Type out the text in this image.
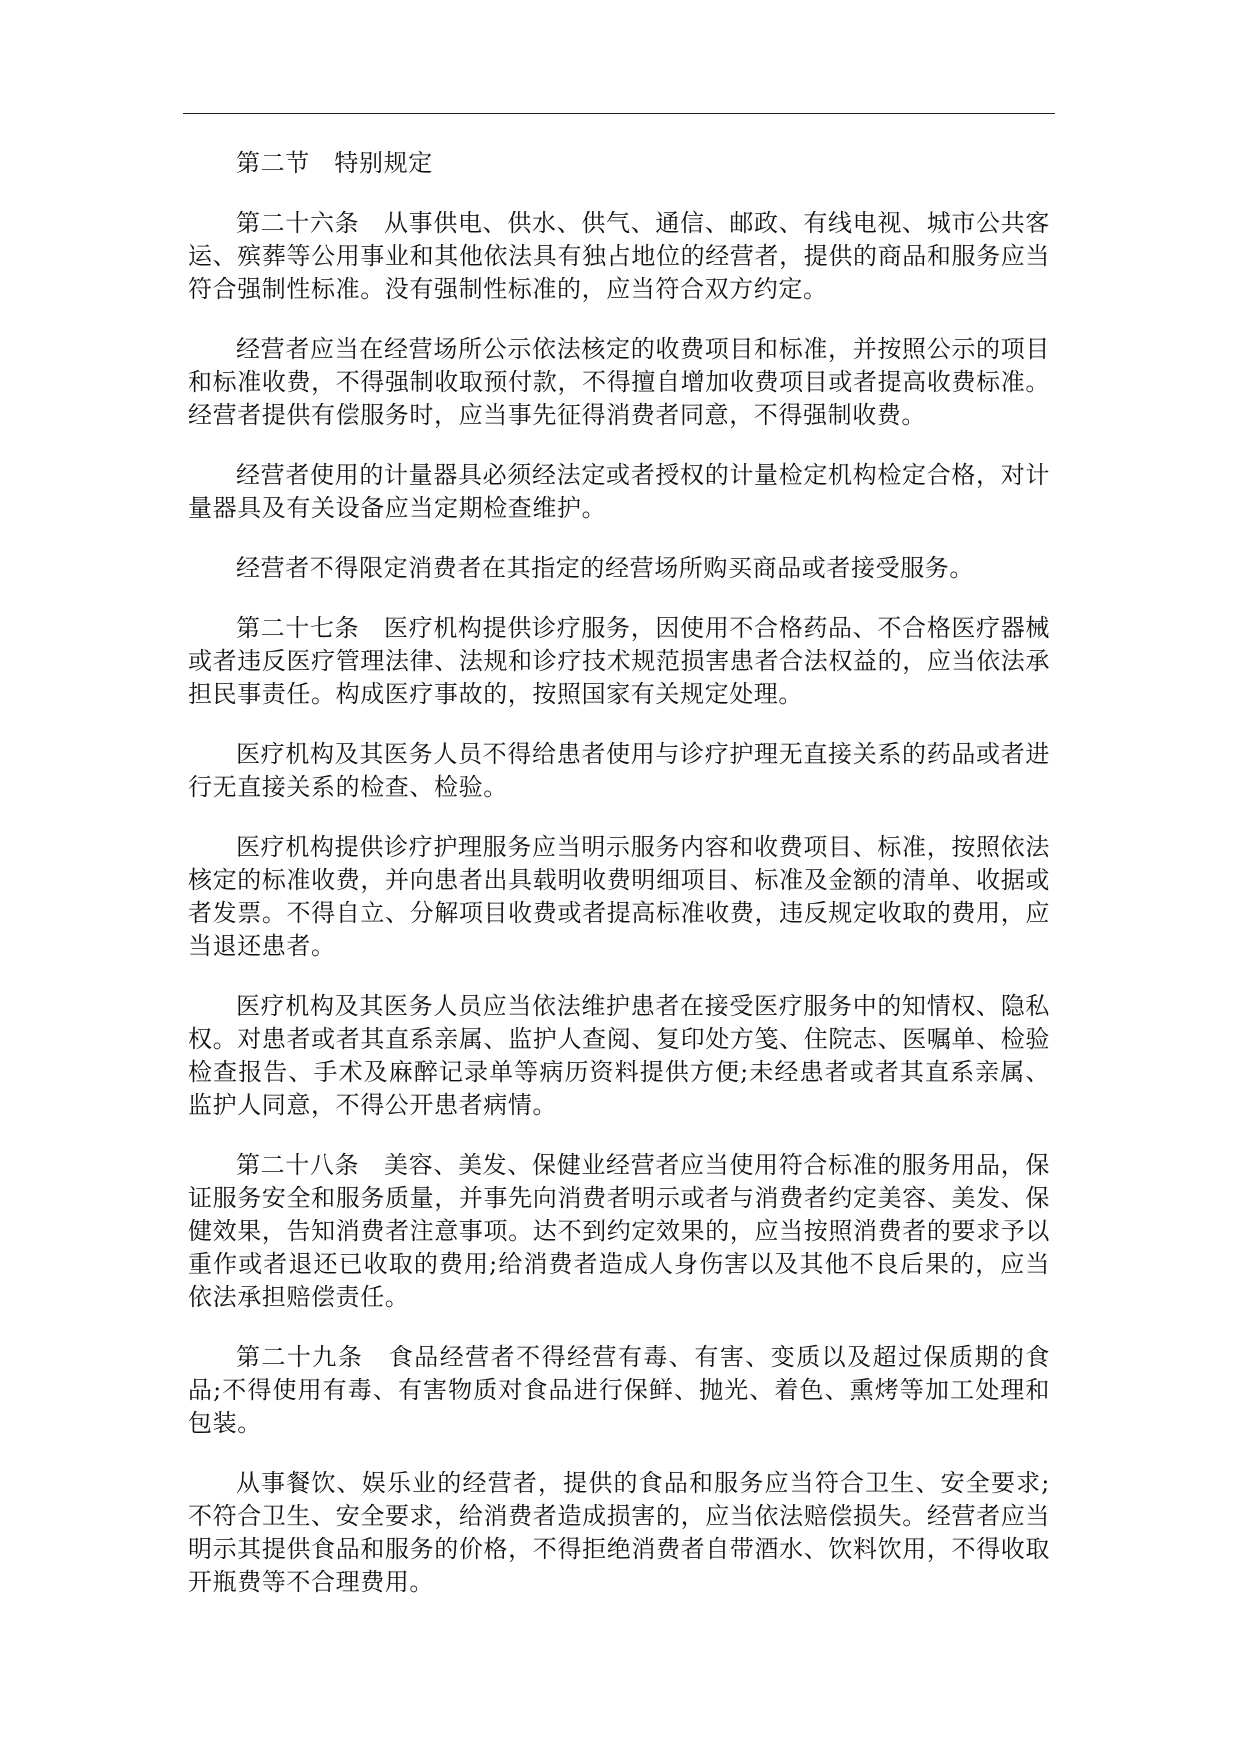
第二节　特别规定

第二十六条　从事供电、供水、供气、通信、邮政、有线电视、城市公共客运、殡葬等公用事业和其他依法具有独占地位的经营者，提供的商品和服务应当符合强制性标准。没有强制性标准的，应当符合双方约定。

经营者应当在经营场所公示依法核定的收费项目和标准，并按照公示的项目和标准收费，不得强制收取预付款，不得擅自增加收费项目或者提高收费标准。经营者提供有偿服务时，应当事先征得消费者同意，不得强制收费。

经营者使用的计量器具必须经法定或者授权的计量检定机构检定合格，对计量器具及有关设备应当定期检查维护。

经营者不得限定消费者在其指定的经营场所购买商品或者接受服务。

第二十七条　医疗机构提供诊疗服务，因使用不合格药品、不合格医疗器械或者违反医疗管理法律、法规和诊疗技术规范损害患者合法权益的，应当依法承担民事责任。构成医疗事故的，按照国家有关规定处理。

医疗机构及其医务人员不得给患者使用与诊疗护理无直接关系的药品或者进行无直接关系的检查、检验。

医疗机构提供诊疗护理服务应当明示服务内容和收费项目、标准，按照依法核定的标准收费，并向患者出具载明收费明细项目、标准及金额的清单、收据或者发票。不得自立、分解项目收费或者提高标准收费，违反规定收取的费用，应当退还患者。

医疗机构及其医务人员应当依法维护患者在接受医疗服务中的知情权、隐私权。对患者或者其直系亲属、监护人查阅、复印处方笺、住院志、医嘱单、检验检查报告、手术及麻醉记录单等病历资料提供方便;未经患者或者其直系亲属、监护人同意，不得公开患者病情。

第二十八条　美容、美发、保健业经营者应当使用符合标准的服务用品，保证服务安全和服务质量，并事先向消费者明示或者与消费者约定美容、美发、保健效果，告知消费者注意事项。达不到约定效果的，应当按照消费者的要求予以重作或者退还已收取的费用;给消费者造成人身伤害以及其他不良后果的，应当依法承担赔偿责任。

第二十九条　食品经营者不得经营有毒、有害、变质以及超过保质期的食品;不得使用有毒、有害物质对食品进行保鲜、抛光、着色、熏烤等加工处理和包装。

从事餐饮、娱乐业的经营者，提供的食品和服务应当符合卫生、安全要求;不符合卫生、安全要求，给消费者造成损害的，应当依法赔偿损失。经营者应当明示其提供食品和服务的价格，不得拒绝消费者自带酒水、饮料饮用，不得收取开瓶费等不合理费用。
